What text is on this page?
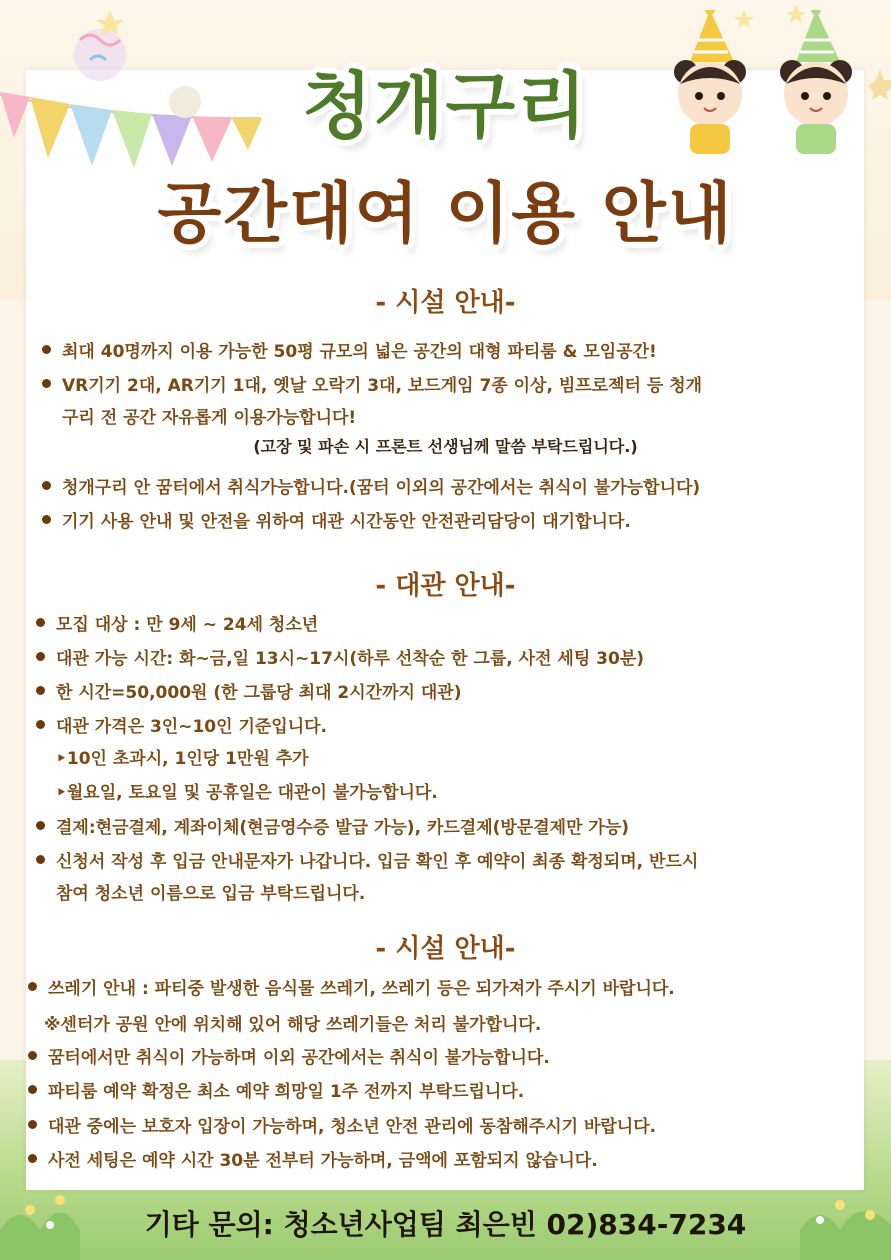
청개구리
공간대여 이용 안내
- 시설 안내-
최대 40명까지 이용 가능한 50평 규모의 넓은 공간의 대형 파티룸 & 모임공간!
VR기기 2대, AR기기 1대, 옛날 오락기 3대, 보드게임 7종 이상, 빔프로젝터 등 청개
구리 전 공간 자유롭게 이용가능합니다!
(고장 및 파손 시 프론트 선생님께 말씀 부탁드립니다.)
청개구리 안 꿈터에서 취식가능합니다.(꿈터 이외의 공간에서는 취식이 불가능합니다)
기기 사용 안내 및 안전을 위하여 대관 시간동안 안전관리담당이 대기합니다.
- 대관 안내-
모집 대상 : 만 9세 ~ 24세 청소년
대관 가능 시간: 화~금,일 13시~17시(하루 선착순 한 그룹, 사전 세팅 30분)
한 시간=50,000원 (한 그룹당 최대 2시간까지 대관)
대관 가격은 3인~10인 기준입니다.
‣10인 초과시, 1인당 1만원 추가
‣월요일, 토요일 및 공휴일은 대관이 불가능합니다.
결제:현금결제, 계좌이체(현금영수증 발급 가능), 카드결제(방문결제만 가능)
신청서 작성 후 입금 안내문자가 나갑니다. 입금 확인 후 예약이 최종 확정되며, 반드시
참여 청소년 이름으로 입금 부탁드립니다.
- 시설 안내-
쓰레기 안내 : 파티중 발생한 음식물 쓰레기, 쓰레기 등은 되가져가 주시기 바랍니다.
※센터가 공원 안에 위치해 있어 해당 쓰레기들은 처리 불가합니다.
꿈터에서만 취식이 가능하며 이외 공간에서는 취식이 불가능합니다.
파티룸 예약 확정은 최소 예약 희망일 1주 전까지 부탁드립니다.
대관 중에는 보호자 입장이 가능하며, 청소년 안전 관리에 동참해주시기 바랍니다.
사전 세팅은 예약 시간 30분 전부터 가능하며, 금액에 포함되지 않습니다.
기타 문의: 청소년사업팀 최은빈 02)834-7234
